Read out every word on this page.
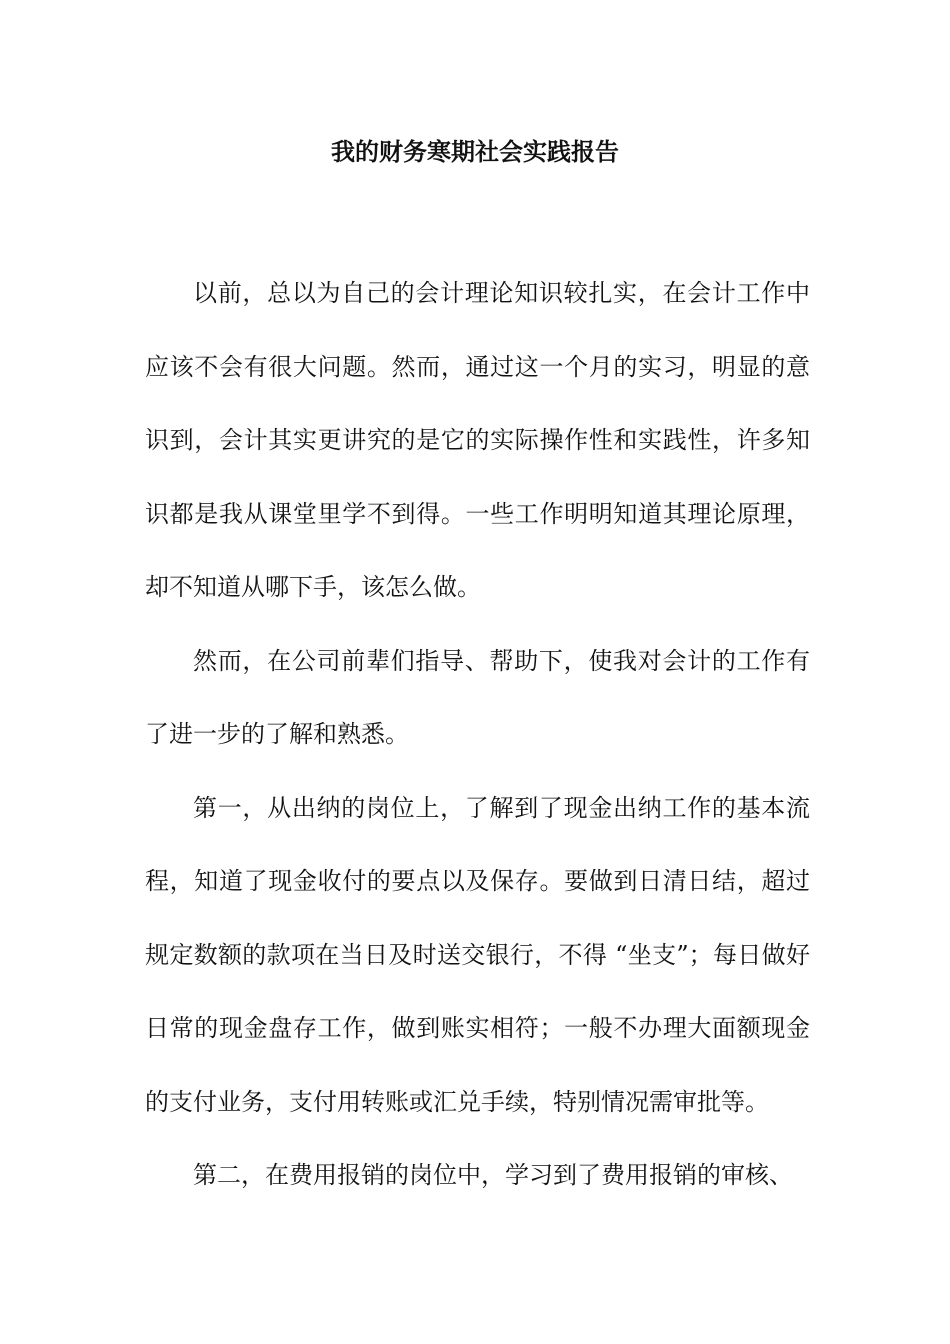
我的财务寒期社会实践报告

以前，总以为自己的会计理论知识较扎实，在会计工作中应该不会有很大问题。然而，通过这一个月的实习，明显的意识到，会计其实更讲究的是它的实际操作性和实践性，许多知识都是我从课堂里学不到得。一些工作明明知道其理论原理，却不知道从哪下手，该怎么做。

然而，在公司前辈们指导、帮助下，使我对会计的工作有了进一步的了解和熟悉。

第一，从出纳的岗位上，了解到了现金出纳工作的基本流程，知道了现金收付的要点以及保存。要做到日清日结，超过规定数额的款项在当日及时送交银行，不得 “坐支”；每日做好日常的现金盘存工作，做到账实相符；一般不办理大面额现金的支付业务，支付用转账或汇兑手续，特别情况需审批等。

第二，在费用报销的岗位中，学习到了费用报销的审核、
